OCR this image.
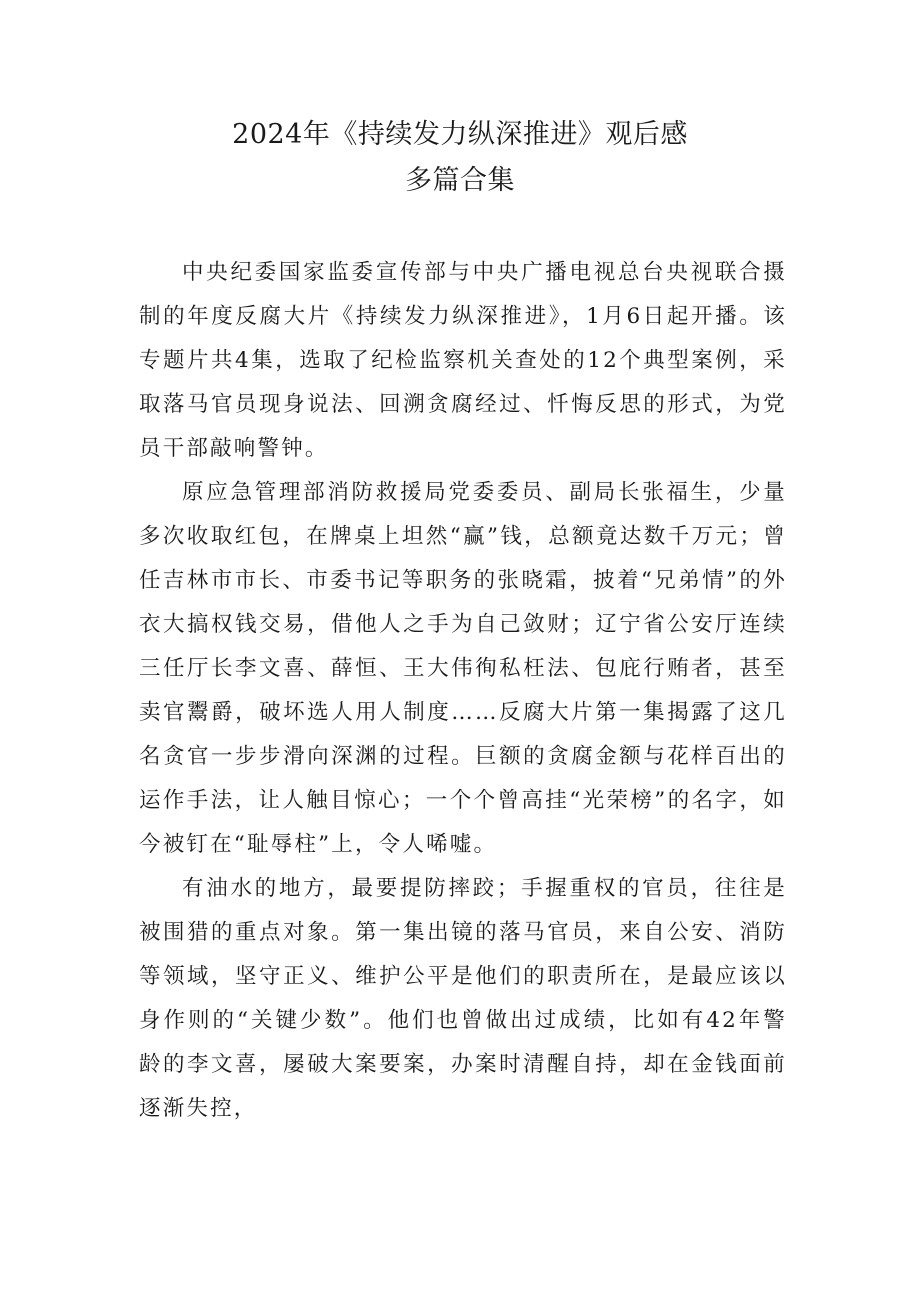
2024年《持续发力纵深推进》观后感
多篇合集

中央纪委国家监委宣传部与中央广播电视总台央视联合摄制的年度反腐大片《持续发力纵深推进》，1月6日起开播。该专题片共4集，选取了纪检监察机关查处的12个典型案例，采取落马官员现身说法、回溯贪腐经过、忏悔反思的形式，为党员干部敲响警钟。

原应急管理部消防救援局党委委员、副局长张福生，少量多次收取红包，在牌桌上坦然“赢”钱，总额竟达数千万元；曾任吉林市市长、市委书记等职务的张晓霜，披着“兄弟情”的外衣大搞权钱交易，借他人之手为自己敛财；辽宁省公安厅连续三任厅长李文喜、薛恒、王大伟徇私枉法、包庇行贿者，甚至卖官鬻爵，破坏选人用人制度……反腐大片第一集揭露了这几名贪官一步步滑向深渊的过程。巨额的贪腐金额与花样百出的运作手法，让人触目惊心；一个个曾高挂“光荣榜”的名字，如今被钉在“耻辱柱”上，令人唏嘘。

有油水的地方，最要提防摔跤；手握重权的官员，往往是被围猎的重点对象。第一集出镜的落马官员，来自公安、消防等领域，坚守正义、维护公平是他们的职责所在，是最应该以身作则的“关键少数”。他们也曾做出过成绩，比如有42年警龄的李文喜，屡破大案要案，办案时清醒自持，却在金钱面前逐渐失控，
